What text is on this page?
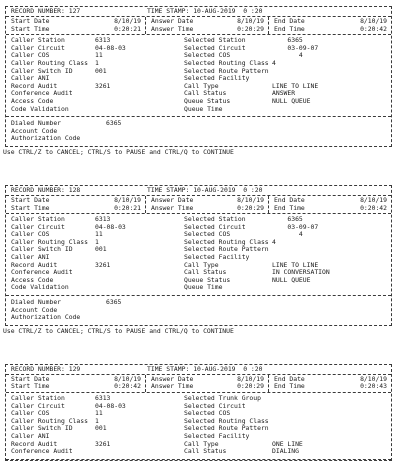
RECORD NUMBER: 127	TIME STAMP: 10-AUG-2019  0 :20
Start Date	8/10/19
Start Time	0:20:21
Answer Date	8/10/19
Answer Time	0:20:29
End Date	8/10/19
End Time	0:20:42
Caller Station	6313
Caller Circuit	04-08-03
Caller COS	11
Caller Routing Class	1
Caller Switch ID	001
Caller ANI
Record Audit	3261
Conference Audit
Access Code
Code Validation
Selected Station	6365
Selected Circuit	03-09-07
Selected COS	4
Selected Routing Class 4
Selected Route Pattern
Selected Facility
Call Type	LINE TO LINE
Call Status	ANSWER
Queue Status	NULL QUEUE
Queue Time
Dialed Number	6365
Account Code
Authorization Code
Use CTRL/Z to CANCEL; CTRL/S to PAUSE and CTRL/Q to CONTINUE
RECORD NUMBER: 128	TIME STAMP: 10-AUG-2019  0 :20
Start Date	8/10/19
Start Time	0:20:21
Answer Date	8/10/19
Answer Time	0:20:29
End Date	8/10/19
End Time	0:20:42
Caller Station	6313
Caller Circuit	04-08-03
Caller COS	11
Caller Routing Class	1
Caller Switch ID	001
Caller ANI
Record Audit	3261
Conference Audit
Access Code
Code Validation
Selected Station	6365
Selected Circuit	03-09-07
Selected COS	4
Selected Routing Class 4
Selected Route Pattern
Selected Facility
Call Type	LINE TO LINE
Call Status	IN CONVERSATION
Queue Status	NULL QUEUE
Queue Time
Dialed Number	6365
Account Code
Authorization Code
Use CTRL/Z to CANCEL; CTRL/S to PAUSE and CTRL/Q to CONTINUE
RECORD NUMBER: 129	TIME STAMP: 10-AUG-2019  0 :20
Start Date	8/10/19
Start Time	0:20:42
Answer Date	8/10/19
Answer Time	0:20:29
End Date	8/10/19
End Time	0:20:43
Caller Station	6313
Caller Circuit	04-08-03
Caller COS	11
Caller Routing Class	1
Caller Switch ID	001
Caller ANI
Record Audit	3261
Conference Audit
Selected Trunk Group
Selected Circuit
Selected COS
Selected Routing Class
Selected Route Pattern
Selected Facility
Call Type	ONE LINE
Call Status	DIALING
